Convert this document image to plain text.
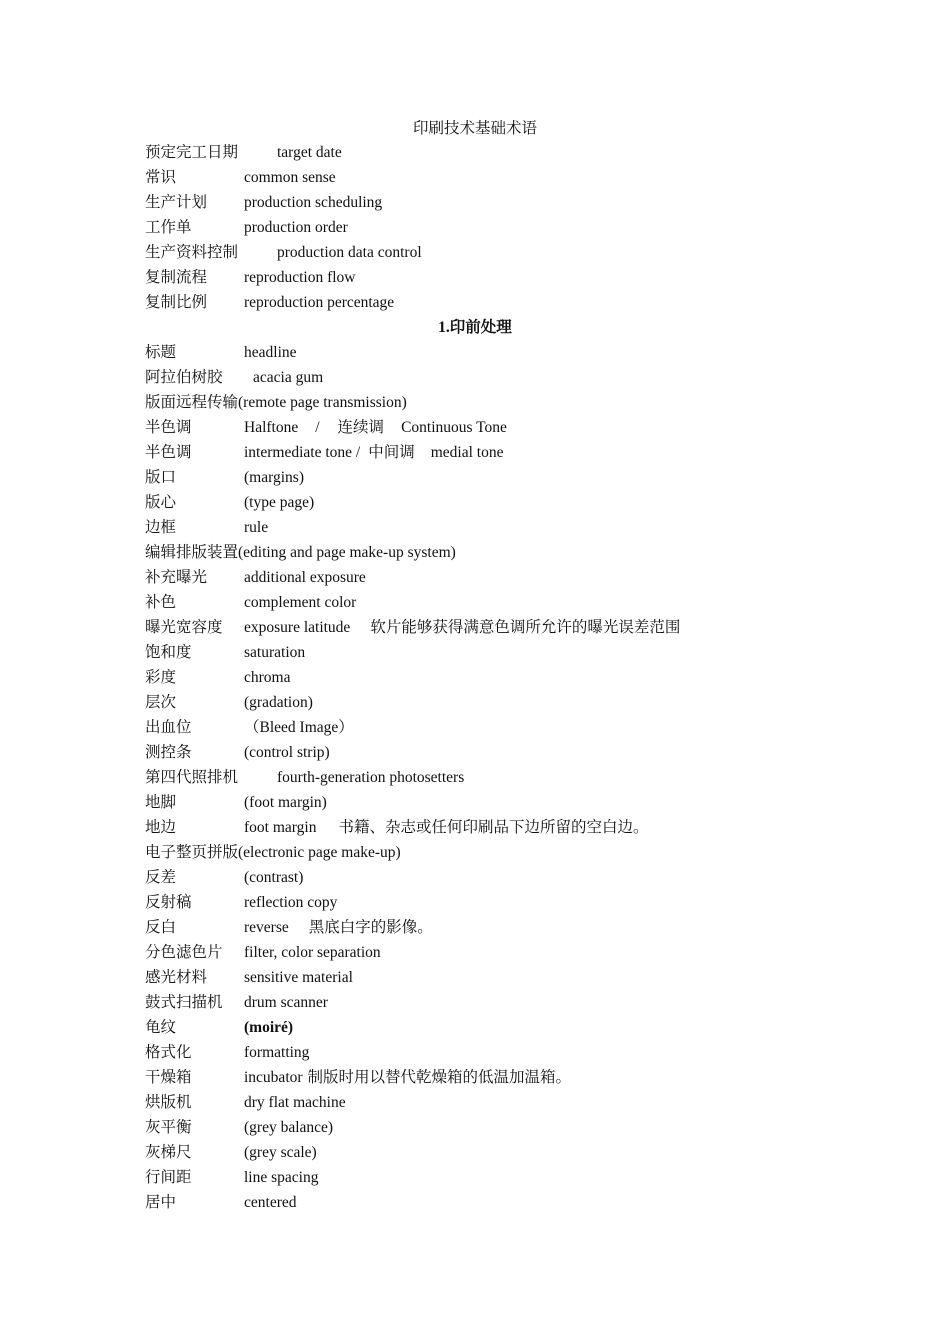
印刷技术基础术语
预定完工日期	target date
常识	common sense
生产计划 production scheduling
工作单	production order
生产资料控制	production data control
复制流程 reproduction flow
复制比例 reproduction percentage
1.印前处理
标题	headline
阿拉伯树胶 acacia gum
版面远程传输(remote page transmission)
半色调	Halftone / 连续调 Continuous Tone
半色调	intermediate tone / 中间调 medial tone
版口	(margins)
版心	(type page)
边框	rule
编辑排版装置(editing and page make-up system)
补充曝光 additional exposure
补色	complement color
曝光宽容度 exposure latitude 软片能够获得满意色调所允许的曝光误差范围
饱和度	saturation
彩度	chroma
层次	(gradation)
出血位	（Bleed Image）
测控条	(control strip)
第四代照排机	fourth-generation photosetters
地脚	(foot margin)
地边	foot margin 书籍、杂志或任何印刷品下边所留的空白边。
电子整页拼版(electronic page make-up)
反差	(contrast)
反射稿	reflection copy
反白	reverse 黑底白字的影像。
分色滤色片 filter, color separation
感光材料 sensitive material
鼓式扫描机 drum scanner
龟纹	(moiré)
格式化	formatting
干燥箱	incubator 制版时用以替代乾燥箱的低温加温箱。
烘版机	dry flat machine
灰平衡	(grey balance)
灰梯尺	(grey scale)
行间距	line spacing
居中	centered
